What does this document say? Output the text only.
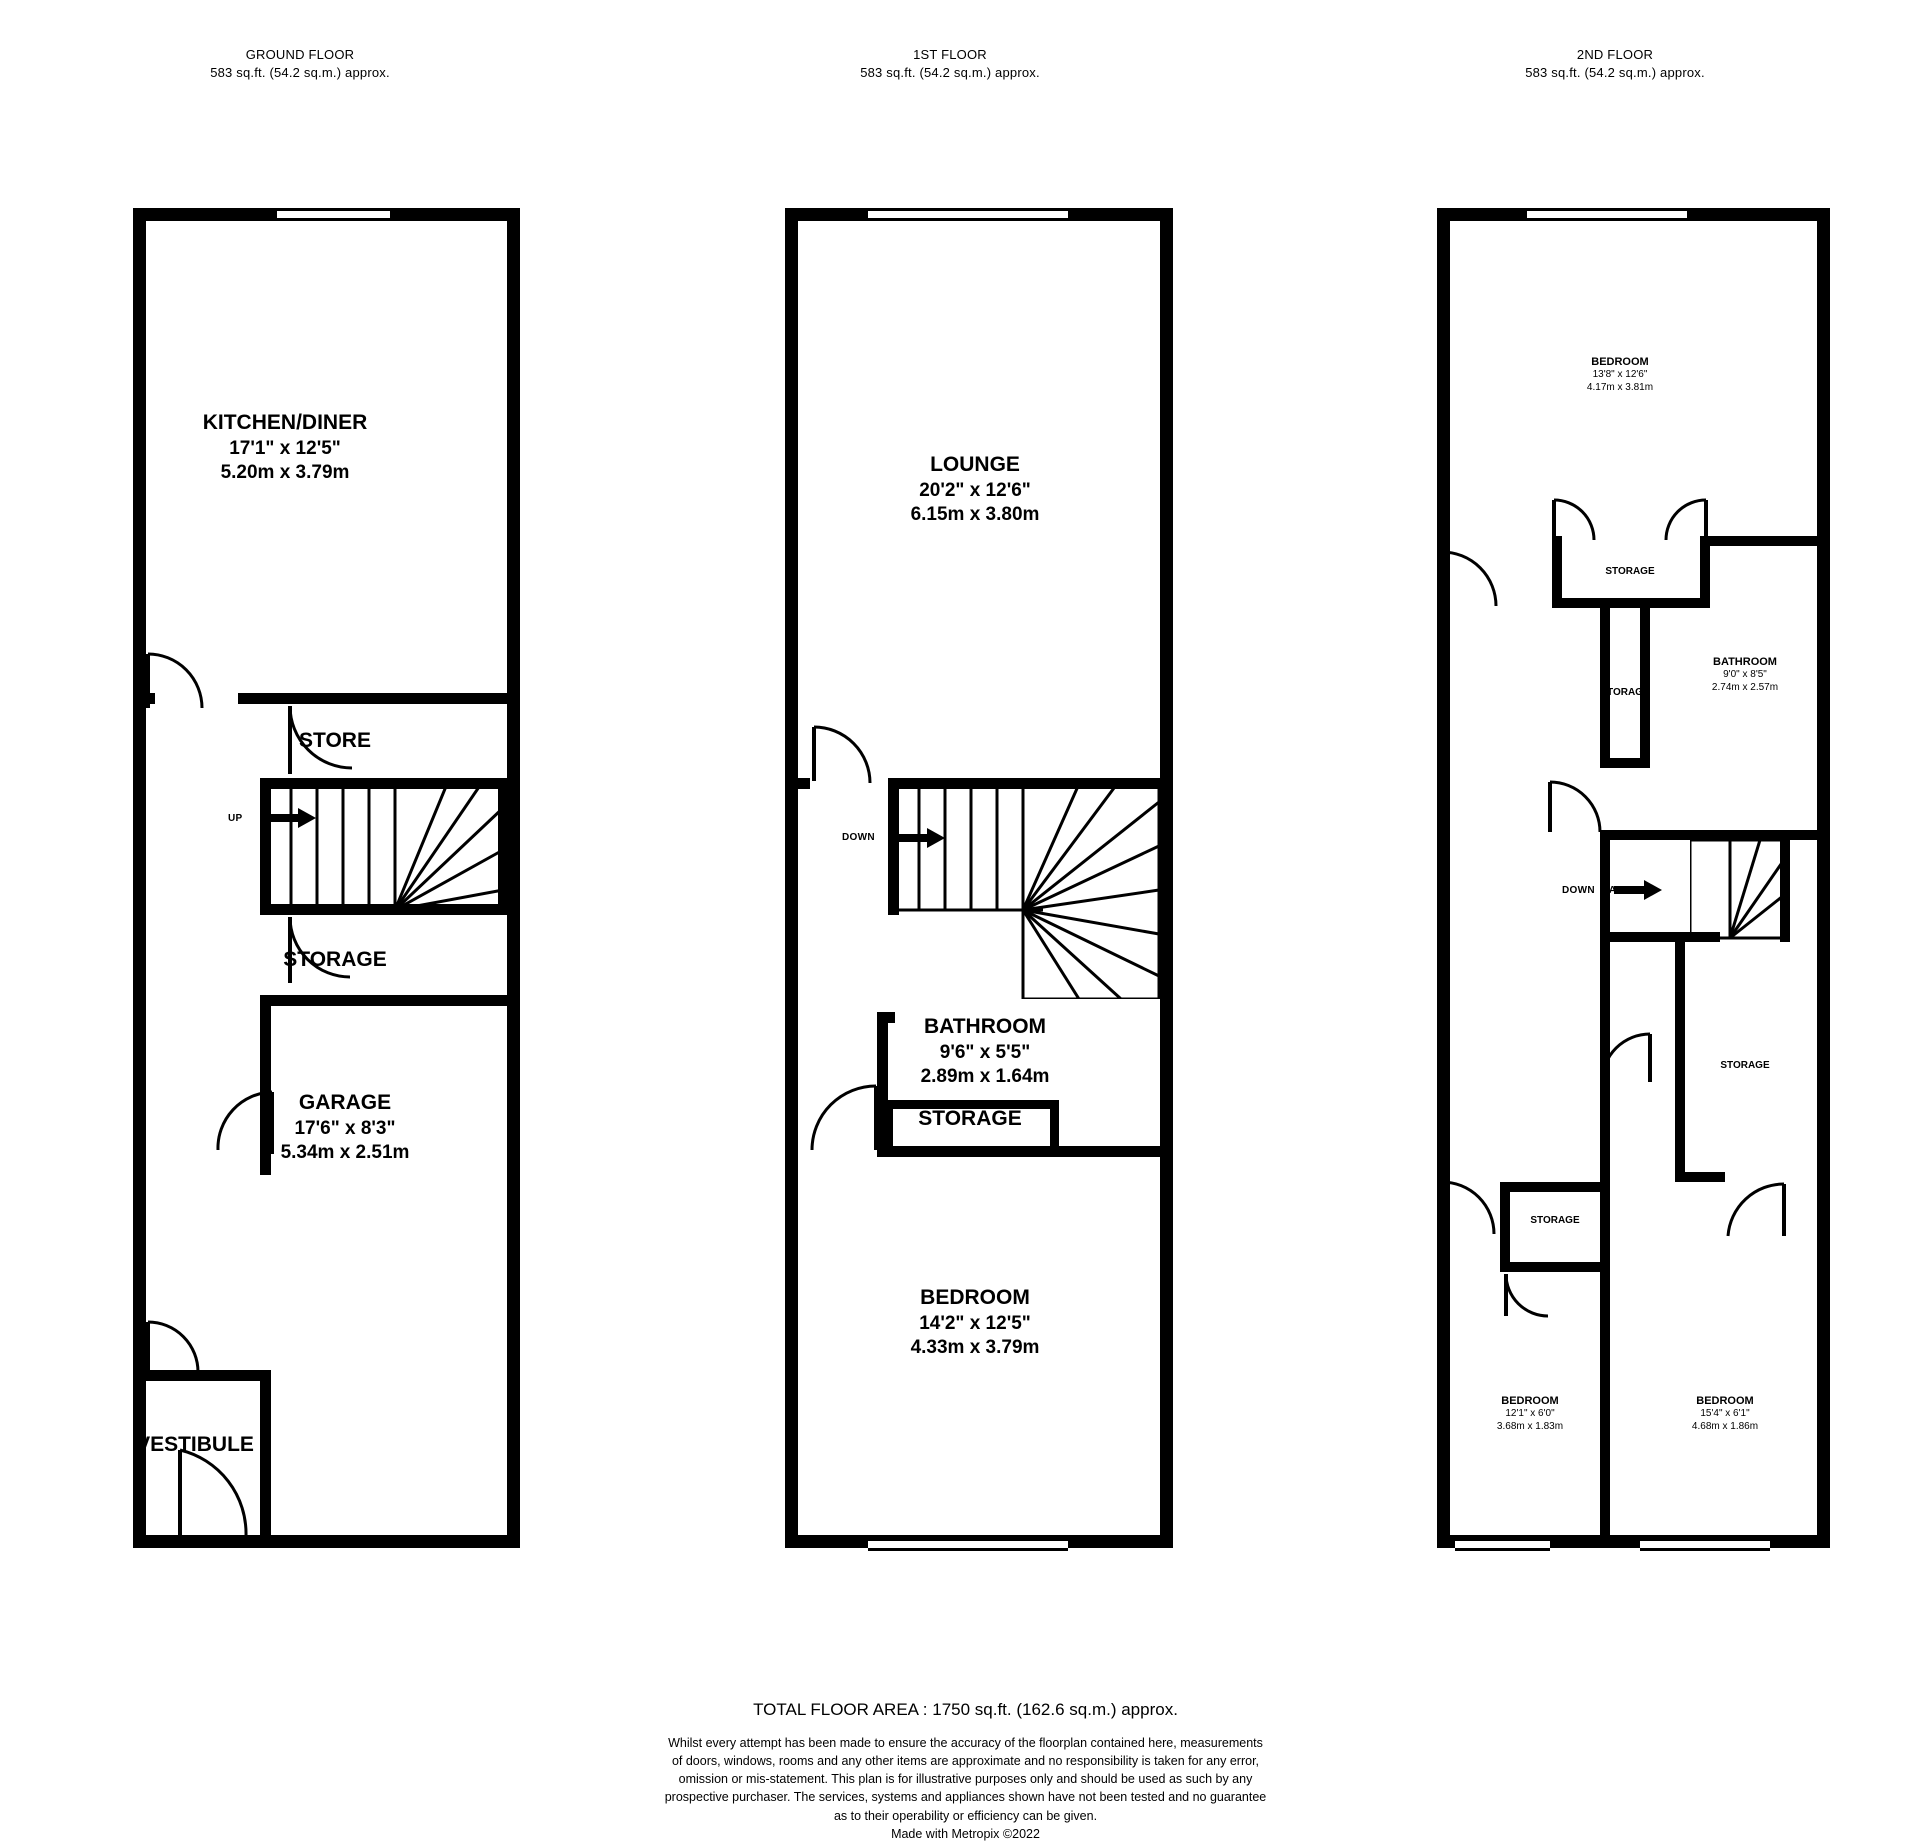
GROUND FLOOR
583 sq.ft. (54.2 sq.m.) approx.
1ST FLOOR
583 sq.ft. (54.2 sq.m.) approx.
2ND FLOOR
583 sq.ft. (54.2 sq.m.) approx.
UP
KITCHEN/DINER
17'1" x 12'5"
5.20m x 3.79m
STORE
STORAGE
GARAGE
17'6" x 8'3"
5.34m x 2.51m
VESTIBULE
DOWN
LOUNGE
20'2" x 12'6"
6.15m x 3.80m
BATHROOM
9'6" x 5'5"
2.89m x 1.64m
STORAGE
BEDROOM
14'2" x 12'5"
4.33m x 3.79m
DOWN
BEDROOM
13'8" x 12'6"
4.17m x 3.81m
STORAGE
BATHROOM
9'0" x 8'5"
2.74m x 2.57m
STORAGE
HALL
STORAGE
STORAGE
BEDROOM
12'1" x 6'0"
3.68m x 1.83m
BEDROOM
15'4" x 6'1"
4.68m x 1.86m
TOTAL FLOOR AREA : 1750 sq.ft. (162.6 sq.m.) approx.
Whilst every attempt has been made to ensure the accuracy of the floorplan contained here, measurements
of doors, windows, rooms and any other items are approximate and no responsibility is taken for any error,
omission or mis-statement. This plan is for illustrative purposes only and should be used as such by any
prospective purchaser. The services, systems and appliances shown have not been tested and no guarantee
as to their operability or efficiency can be given.
Made with Metropix ©2022
